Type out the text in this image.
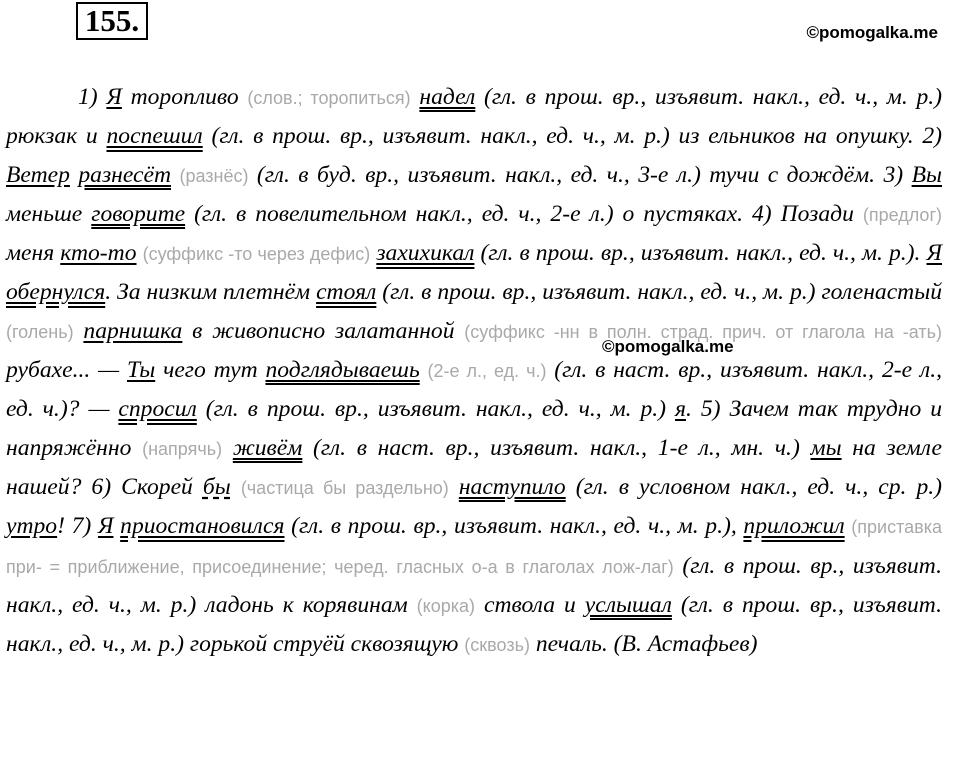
155.	©pomogalka.me
1) Я торопливо (слов.; торопиться) надел (гл. в прош. вр., изъявит. накл., ед. ч., м. р.) рюкзак и поспешил (гл. в прош. вр., изъявит. накл., ед. ч., м. р.) из ельников на опушку. 2) Ветер разнесёт (разнёс) (гл. в буд. вр., изъявит. накл., ед. ч., 3-е л.) тучи с дождём. 3) Вы меньше говорите (гл. в повелительном накл., ед. ч., 2-е л.) о пустяках. 4) Позади (предлог) меня кто-то (суффикс -то через дефис) захихикал (гл. в прош. вр., изъявит. накл., ед. ч., м. р.). Я обернулся. За низким плетнём стоял (гл. в прош. вр., изъявит. накл., ед. ч., м. р.) голенастый (голень) парнишка в живописно залатанной (суффикс -нн в полн. страд. прич. от глагола на -ать) рубахе... — Ты чего тут подглядываешь (2-е л., ед. ч.) (гл. в наст. вр., изъявит. накл., 2-е л., ед. ч.)? — спросил (гл. в прош. вр., изъявит. накл., ед. ч., м. р.) я. 5) Зачем так трудно и напряжённо (напрячь) живём (гл. в наст. вр., изъявит. накл., 1-е л., мн. ч.) мы на земле нашей? 6) Скорей бы (частица бы раздельно) наступило (гл. в условном накл., ед. ч., ср. р.) утро! 7) Я приостановился (гл. в прош. вр., изъявит. накл., ед. ч., м. р.), приложил (приставка при- = приближение, присоединение; черед. гласных о-а в глаголах лож-лаг) (гл. в прош. вр., изъявит. накл., ед. ч., м. р.) ладонь к корявинам (корка) ствола и услышал (гл. в прош. вр., изъявит. накл., ед. ч., м. р.) горькой струёй сквозящую (сквозь) печаль. (В. Астафьев)
©pomogalka.me
